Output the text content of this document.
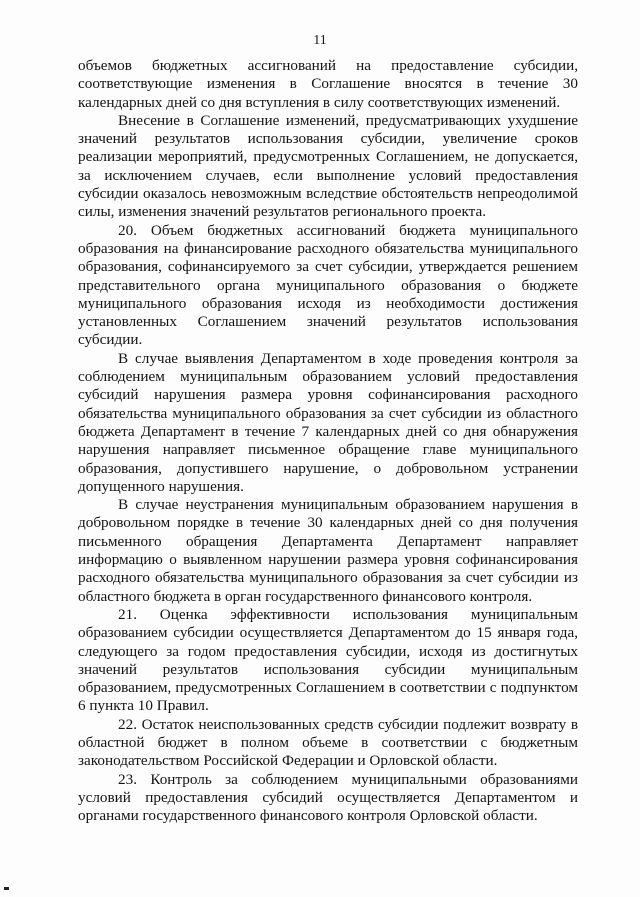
11

объемов бюджетных ассигнований на предоставление субсидии, соответствующие изменения в Соглашение вносятся в течение 30 календарных дней со дня вступления в силу соответствующих изменений.

Внесение в Соглашение изменений, предусматривающих ухудшение значений результатов использования субсидии, увеличение сроков реализации мероприятий, предусмотренных Соглашением, не допускается, за исключением случаев, если выполнение условий предоставления субсидии оказалось невозможным вследствие обстоятельств непреодолимой силы, изменения значений результатов регионального проекта.

20. Объем бюджетных ассигнований бюджета муниципального образования на финансирование расходного обязательства муниципального образования, софинансируемого за счет субсидии, утверждается решением представительного органа муниципального образования о бюджете муниципального образования исходя из необходимости достижения установленных Соглашением значений результатов использования субсидии.

В случае выявления Департаментом в ходе проведения контроля за соблюдением муниципальным образованием условий предоставления субсидий нарушения размера уровня софинансирования расходного обязательства муниципального образования за счет субсидии из областного бюджета Департамент в течение 7 календарных дней со дня обнаружения нарушения направляет письменное обращение главе муниципального образования, допустившего нарушение, о добровольном устранении допущенного нарушения.

В случае неустранения муниципальным образованием нарушения в добровольном порядке в течение 30 календарных дней со дня получения письменного обращения Департамента Департамент направляет информацию о выявленном нарушении размера уровня софинансирования расходного обязательства муниципального образования за счет субсидии из областного бюджета в орган государственного финансового контроля.

21. Оценка эффективности использования муниципальным образованием субсидии осуществляется Департаментом до 15 января года, следующего за годом предоставления субсидии, исходя из достигнутых значений результатов использования субсидии муниципальным образованием, предусмотренных Соглашением в соответствии с подпунктом 6 пункта 10 Правил.

22. Остаток неиспользованных средств субсидии подлежит возврату в областной бюджет в полном объеме в соответствии с бюджетным законодательством Российской Федерации и Орловской области.

23. Контроль за соблюдением муниципальными образованиями условий предоставления субсидий осуществляется Департаментом и органами государственного финансового контроля Орловской области.
